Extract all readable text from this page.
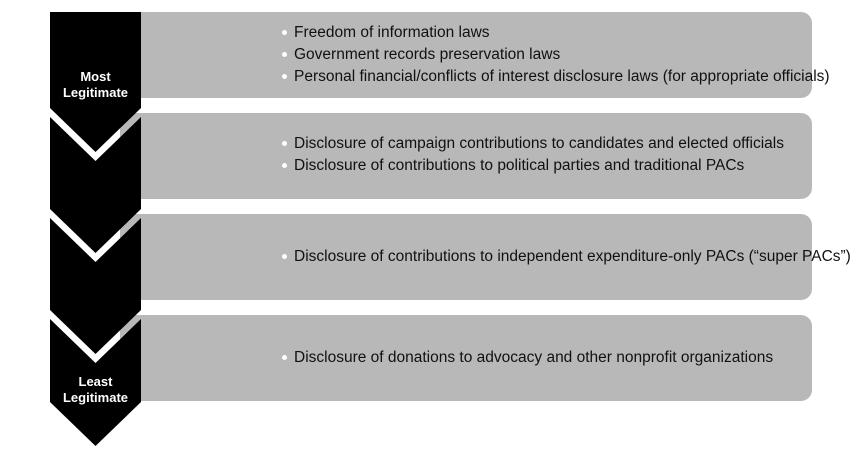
Freedom of information laws
Government records preservation laws
Personal financial/conflicts of interest disclosure laws (for appropriate officials)
Disclosure of campaign contributions to candidates and elected officials
Disclosure of contributions to political parties and traditional PACs
Disclosure of contributions to independent expenditure-only PACs (“super PACs”)
Disclosure of donations to advocacy and other nonprofit organizations
Most
Legitimate
Least
Legitimate
